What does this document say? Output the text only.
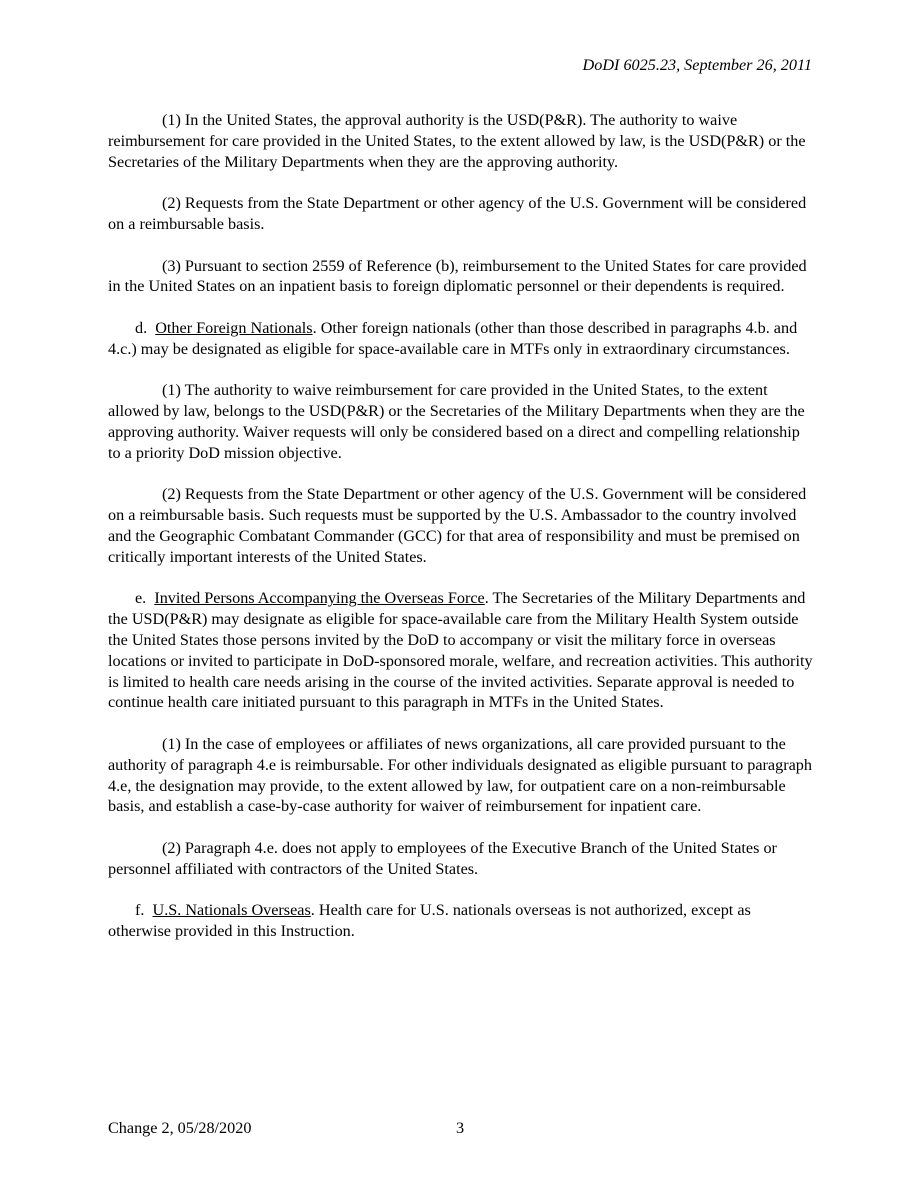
DoDI 6025.23, September 26, 2011

(1) In the United States, the approval authority is the USD(P&R). The authority to waive reimbursement for care provided in the United States, to the extent allowed by law, is the USD(P&R) or the Secretaries of the Military Departments when they are the approving authority.

(2) Requests from the State Department or other agency of the U.S. Government will be considered on a reimbursable basis.

(3) Pursuant to section 2559 of Reference (b), reimbursement to the United States for care provided in the United States on an inpatient basis to foreign diplomatic personnel or their dependents is required.

d. Other Foreign Nationals. Other foreign nationals (other than those described in paragraphs 4.b. and 4.c.) may be designated as eligible for space-available care in MTFs only in extraordinary circumstances.

(1) The authority to waive reimbursement for care provided in the United States, to the extent allowed by law, belongs to the USD(P&R) or the Secretaries of the Military Departments when they are the approving authority. Waiver requests will only be considered based on a direct and compelling relationship to a priority DoD mission objective.

(2) Requests from the State Department or other agency of the U.S. Government will be considered on a reimbursable basis. Such requests must be supported by the U.S. Ambassador to the country involved and the Geographic Combatant Commander (GCC) for that area of responsibility and must be premised on critically important interests of the United States.

e. Invited Persons Accompanying the Overseas Force. The Secretaries of the Military Departments and the USD(P&R) may designate as eligible for space-available care from the Military Health System outside the United States those persons invited by the DoD to accompany or visit the military force in overseas locations or invited to participate in DoD-sponsored morale, welfare, and recreation activities. This authority is limited to health care needs arising in the course of the invited activities. Separate approval is needed to continue health care initiated pursuant to this paragraph in MTFs in the United States.

(1) In the case of employees or affiliates of news organizations, all care provided pursuant to the authority of paragraph 4.e is reimbursable. For other individuals designated as eligible pursuant to paragraph 4.e, the designation may provide, to the extent allowed by law, for outpatient care on a non-reimbursable basis, and establish a case-by-case authority for waiver of reimbursement for inpatient care.

(2) Paragraph 4.e. does not apply to employees of the Executive Branch of the United States or personnel affiliated with contractors of the United States.

f. U.S. Nationals Overseas. Health care for U.S. nationals overseas is not authorized, except as otherwise provided in this Instruction.

Change 2, 05/28/2020	3
